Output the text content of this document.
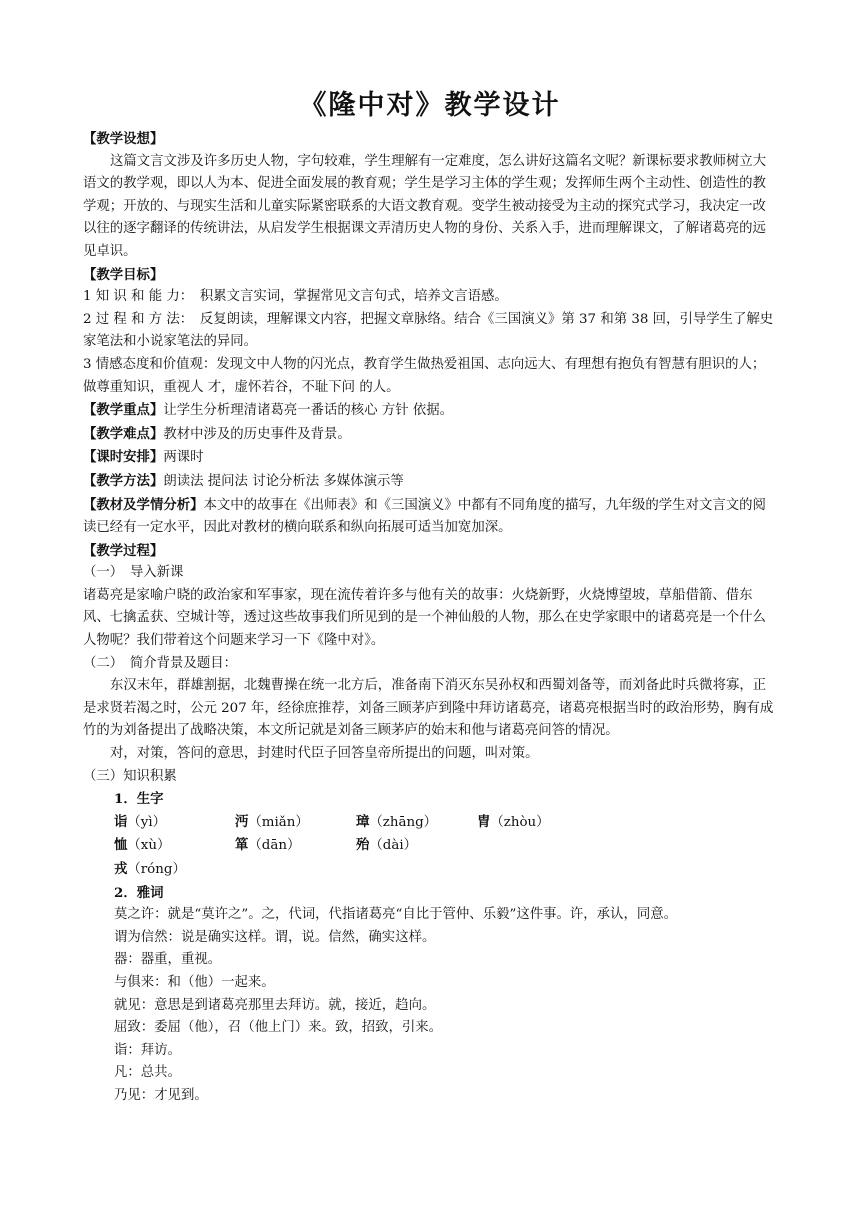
《隆中对》教学设计

【教学设想】

这篇文言文涉及许多历史人物，字句较难，学生理解有一定难度，怎么讲好这篇名文呢？新课标要求教师树立大语文的教学观，即以人为本、促进全面发展的教育观；学生是学习主体的学生观；发挥师生两个主动性、创造性的教学观；开放的、与现实生活和儿童实际紧密联系的大语文教育观。变学生被动接受为主动的探究式学习，我决定一改以往的逐字翻译的传统讲法，从启发学生根据课文弄清历史人物的身份、关系入手，进而理解课文，了解诸葛亮的远见卓识。

【教学目标】

1 知 识 和 能 力：　积累文言实词，掌握常见文言句式，培养文言语感。

2 过 程 和 方 法：　反复朗读，理解课文内容，把握文章脉络。结合《三国演义》第 37 和第 38 回，引导学生了解史家笔法和小说家笔法的异同。

3 情感态度和价值观：发现文中人物的闪光点，教育学生做热爱祖国、志向远大、有理想有抱负有智慧有胆识的人；做尊重知识，重视人 才，虚怀若谷，不耻下问 的人。

【教学重点】让学生分析理清诸葛亮一番话的核心 方针 依据。

【教学难点】教材中涉及的历史事件及背景。

【课时安排】两课时

【教学方法】朗读法 提问法 讨论分析法 多媒体演示等

【教材及学情分析】本文中的故事在《出师表》和《三国演义》中都有不同角度的描写，九年级的学生对文言文的阅读已经有一定水平，因此对教材的横向联系和纵向拓展可适当加宽加深。

【教学过程】

（一）　导入新课

诸葛亮是家喻户晓的政治家和军事家，现在流传着许多与他有关的故事：火烧新野，火烧博望坡，草船借箭、借东风、七擒孟获、空城计等，透过这些故事我们所见到的是一个神仙般的人物，那么在史学家眼中的诸葛亮是一个什么人物呢？我们带着这个问题来学习一下《隆中对》。

（二）　简介背景及题目：

东汉末年，群雄割据，北魏曹操在统一北方后，准备南下消灭东吴孙权和西蜀刘备等，而刘备此时兵微将寡，正是求贤若渴之时，公元 207 年，经徐庶推荐，刘备三顾茅庐到隆中拜访诸葛亮，诸葛亮根据当时的政治形势，胸有成竹的为刘备提出了战略决策，本文所记就是刘备三顾茅庐的始末和他与诸葛亮问答的情况。

对，对策，答问的意思，封建时代臣子回答皇帝所提出的问题，叫对策。

（三）知识积累

1．生字

诣（yì）	沔（miǎn）	璋（zhāng）	胄（zhòu）
恤（xù）	箪（dān）	殆（dài）
戎（róng）

2．雅词

莫之许：就是“莫许之”。之，代词，代指诸葛亮“自比于管仲、乐毅”这件事。许，承认，同意。

谓为信然：说是确实这样。谓，说。信然，确实这样。

器：器重，重视。

与俱来：和（他）一起来。

就见：意思是到诸葛亮那里去拜访。就，接近，趋向。

屈致：委屈（他），召（他上门）来。致，招致，引来。

诣：拜访。

凡：总共。

乃见：才见到。
